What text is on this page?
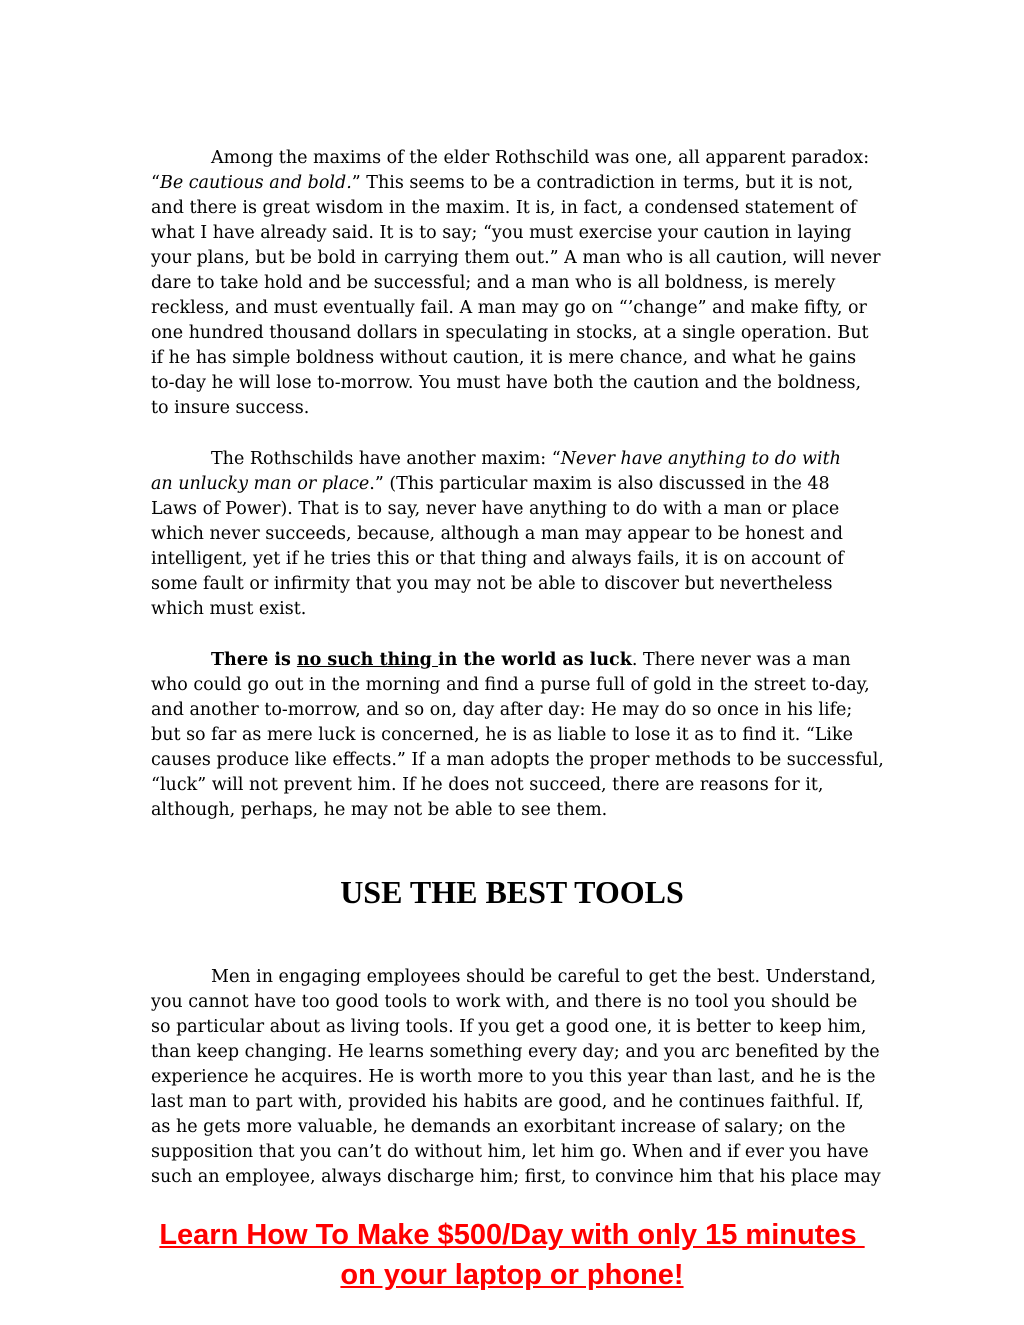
Among the maxims of the elder Rothschild was one, all apparent paradox:
“Be cautious and bold.” This seems to be a contradiction in terms, but it is not,
and there is great wisdom in the maxim. It is, in fact, a condensed statement of
what I have already said. It is to say; “you must exercise your caution in laying
your plans, but be bold in carrying them out.” A man who is all caution, will never
dare to take hold and be successful; and a man who is all boldness, is merely
reckless, and must eventually fail. A man may go on “’change” and make fifty, or
one hundred thousand dollars in speculating in stocks, at a single operation. But
if he has simple boldness without caution, it is mere chance, and what he gains
to-day he will lose to-morrow. You must have both the caution and the boldness,
to insure success.
The Rothschilds have another maxim: “Never have anything to do with
an unlucky man or place.” (This particular maxim is also discussed in the 48
Laws of Power). That is to say, never have anything to do with a man or place
which never succeeds, because, although a man may appear to be honest and
intelligent, yet if he tries this or that thing and always fails, it is on account of
some fault or infirmity that you may not be able to discover but nevertheless
which must exist.
There is no such thing in the world as luck. There never was a man
who could go out in the morning and find a purse full of gold in the street to-day,
and another to-morrow, and so on, day after day: He may do so once in his life;
but so far as mere luck is concerned, he is as liable to lose it as to find it. “Like
causes produce like effects.” If a man adopts the proper methods to be successful,
“luck” will not prevent him. If he does not succeed, there are reasons for it,
although, perhaps, he may not be able to see them.
USE THE BEST TOOLS
Men in engaging employees should be careful to get the best. Understand,
you cannot have too good tools to work with, and there is no tool you should be
so particular about as living tools. If you get a good one, it is better to keep him,
than keep changing. He learns something every day; and you arc benefited by the
experience he acquires. He is worth more to you this year than last, and he is the
last man to part with, provided his habits are good, and he continues faithful. If,
as he gets more valuable, he demands an exorbitant increase of salary; on the
supposition that you can’t do without him, let him go. When and if ever you have
such an employee, always discharge him; first, to convince him that his place may
Learn How To Make $500/Day with only 15 minutes
on your laptop or phone!
